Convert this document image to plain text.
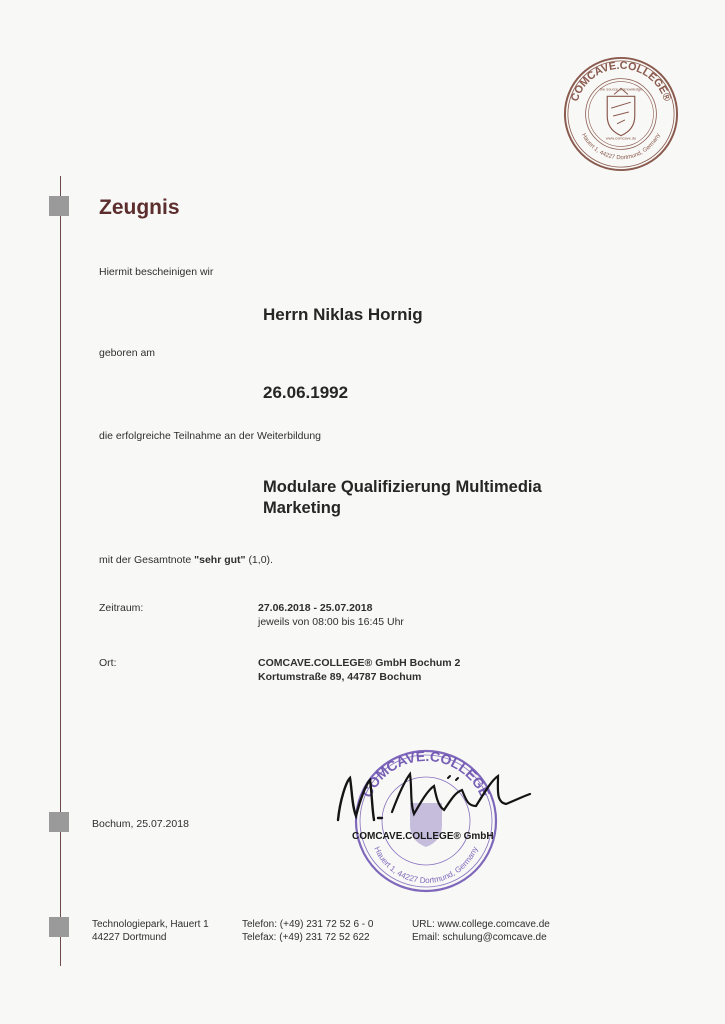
COMCAVE.COLLEGE®
Hauert 1, 44227 Dortmund, Germany
the source of knowledge
www.comcave.de
Zeugnis
Hiermit bescheinigen wir
Herrn Niklas Hornig
geboren am
26.06.1992
die erfolgreiche Teilnahme an der Weiterbildung
Modulare Qualifizierung Multimedia
Marketing
mit der Gesamtnote "sehr gut" (1,0).
Zeitraum:	27.06.2018 - 25.07.2018
jeweils von 08:00 bis 16:45 Uhr
Ort:	COMCAVE.COLLEGE® GmbH Bochum 2
Kortumstraße 89, 44787 Bochum
Bochum, 25.07.2018
COMCAVE.COLLEGE
Hauert 1, 44227 Dortmund, Germany
COMCAVE.COLLEGE® GmbH
Technologiepark, Hauert 1
44227 Dortmund
Telefon: (+49) 231 72 52 6 - 0
Telefax: (+49) 231 72 52 622
URL: www.college.comcave.de
Email: schulung@comcave.de
